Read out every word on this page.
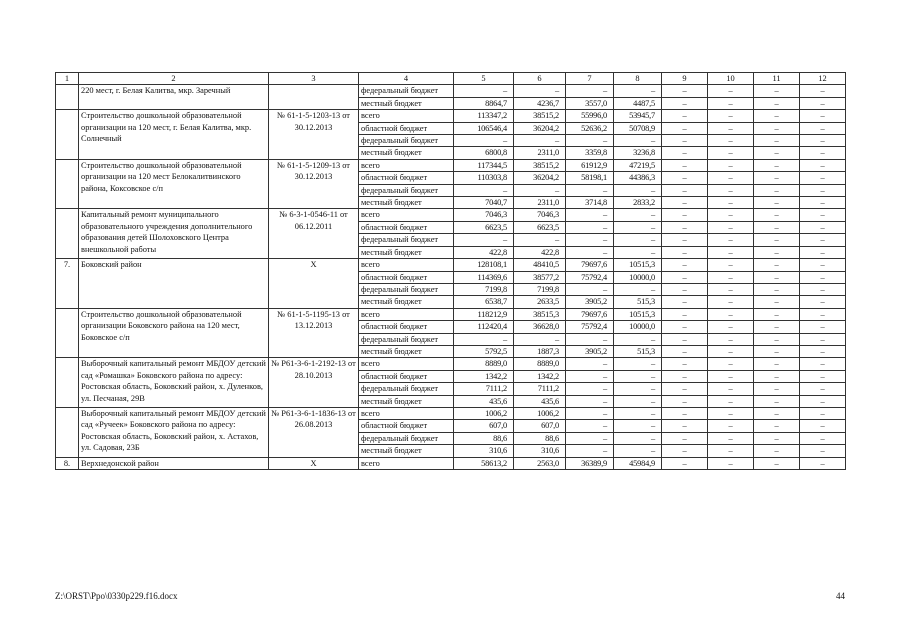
1	2	3	4	5	6	7	8	9	10	11	12
	220 мест, г. Белая Калитва, мкр. Заречный		федеральный бюджет	–	–	–	–	–	–	–	–
			местный бюджет	8864,7	4236,7	3557,0	4487,5	–	–	–	–
	Строительство дошкольной образовательной организации на 120 мест, г. Белая Калитва, мкр. Солнечный	№ 61-1-5-1203-13 от 30.12.2013	всего	113347,2	38515,2	55996,0	53945,7	–	–	–	–
			областной бюджет	106546,4	36204,2	52636,2	50708,9	–	–	–	–
			федеральный бюджет	–	–	–	–	–	–	–	–
			местный бюджет	6800,8	2311,0	3359,8	3236,8	–	–	–	–
	Строительство дошкольной образовательной организации на 120 мест Белокалитвинского района, Коксовское с/п	№ 61-1-5-1209-13 от 30.12.2013	всего	117344,5	38515,2	61912,9	47219,5	–	–	–	–
			областной бюджет	110303,8	36204,2	58198,1	44386,3	–	–	–	–
			федеральный бюджет	–	–	–	–	–	–	–	–
			местный бюджет	7040,7	2311,0	3714,8	2833,2	–	–	–	–
	Капитальный ремонт муниципального образовательного учреждения дополнительного образования детей Шолоховского Центра внешкольной работы	№ 6-3-1-0546-11 от 06.12.2011	всего	7046,3	7046,3	–	–	–	–	–	–
			областной бюджет	6623,5	6623,5	–	–	–	–	–	–
			федеральный бюджет	–	–	–	–	–	–	–	–
			местный бюджет	422,8	422,8	–	–	–	–	–	–
7.	Боковский район	Х	всего	128108,1	48410,5	79697,6	10515,3	–	–	–	–
			областной бюджет	114369,6	38577,2	75792,4	10000,0	–	–	–	–
			федеральный бюджет	7199,8	7199,8	–	–	–	–	–	–
			местный бюджет	6538,7	2633,5	3905,2	515,3	–	–	–	–
	Строительство дошкольной образовательной организации Боковского района на 120 мест, Боковское с/п	№ 61-1-5-1195-13 от 13.12.2013	всего	118212,9	38515,3	79697,6	10515,3	–	–	–	–
			областной бюджет	112420,4	36628,0	75792,4	10000,0	–	–	–	–
			федеральный бюджет	–	–	–	–	–	–	–	–
			местный бюджет	5792,5	1887,3	3905,2	515,3	–	–	–	–
	Выборочный капитальный ремонт МБДОУ детский сад «Ромашка» Боковского района по адресу: Ростовская область, Боковский район, х. Дуленков, ул. Песчаная, 29В	№ Р61-3-6-1-2192-13 от 28.10.2013	всего	8889,0	8889,0	–	–	–	–	–	–
			областной бюджет	1342,2	1342,2	–	–	–	–	–	–
			федеральный бюджет	7111,2	7111,2	–	–	–	–	–	–
			местный бюджет	435,6	435,6	–	–	–	–	–	–
	Выборочный капитальный ремонт МБДОУ детский сад «Ручеек» Боковского района по адресу: Ростовская область, Боковский район, х. Астахов, ул. Садовая, 23Б	№ Р61-3-6-1-1836-13 от 26.08.2013	всего	1006,2	1006,2	–	–	–	–	–	–
			областной бюджет	607,0	607,0	–	–	–	–	–	–
			федеральный бюджет	88,6	88,6	–	–	–	–	–	–
			местный бюджет	310,6	310,6	–	–	–	–	–	–
8.	Верхнедонской район	Х	всего	58613,2	2563,0	36389,9	45984,9	–	–	–	–
Z:\ORST\Ppo\0330p229.f16.docx	44
